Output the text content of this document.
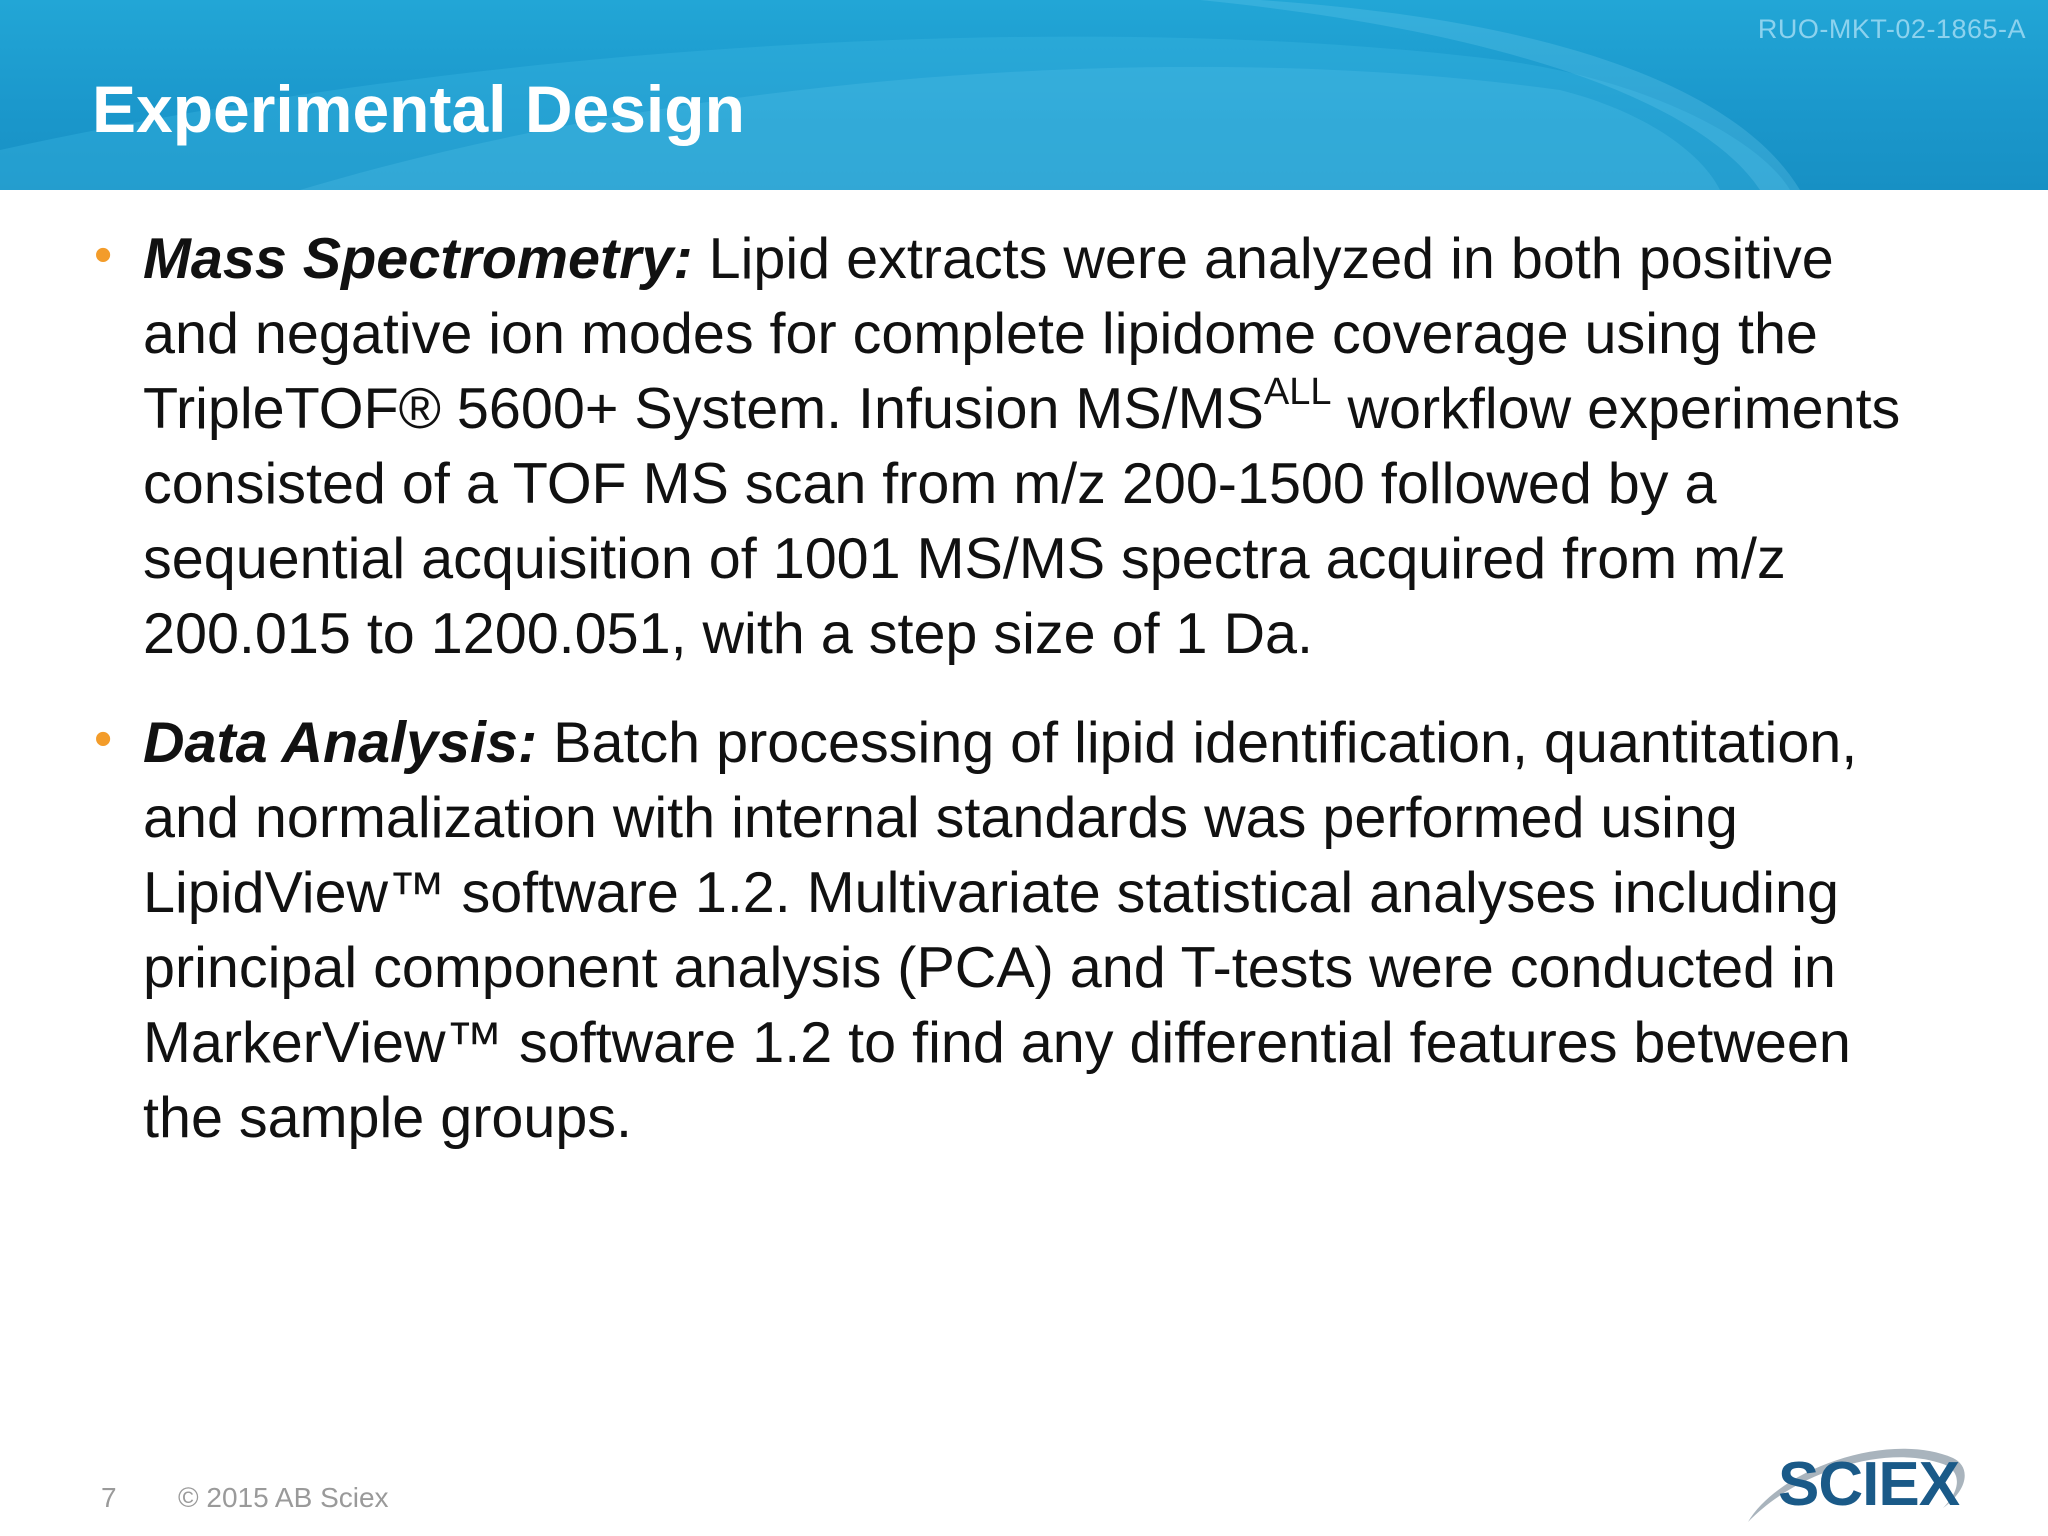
RUO-MKT-02-1865-A
Experimental Design
• Mass Spectrometry: Lipid extracts were analyzed in both positive and negative ion modes for complete lipidome coverage using the TripleTOF® 5600+ System. Infusion $MS/MS^{ALL}$ workflow experiments consisted of a TOF MS scan from m/z 200-1500 followed by a sequential acquisition of 1001 MS/MS spectra acquired from m/z 200.015 to 1200.051, with a step size of 1 Da.
• Data Analysis: Batch processing of lipid identification, quantitation, and normalization with internal standards was performed using LipidView™ software 1.2. Multivariate statistical analyses including principal component analysis (PCA) and T-tests were conducted in MarkerView™ software 1.2 to find any differential features between the sample groups.
7 © 2015 AB Sciex	SCIEX
